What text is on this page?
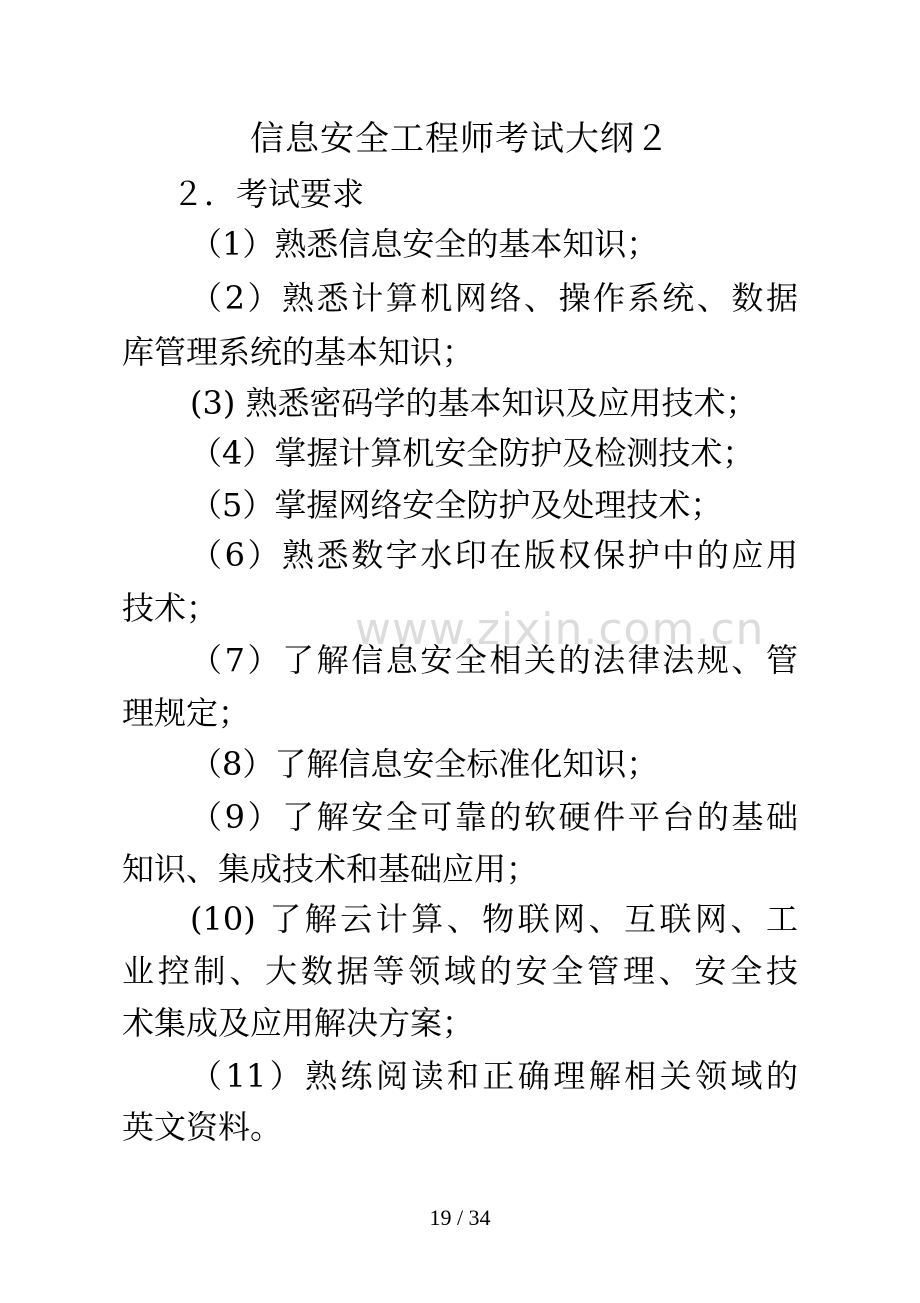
信息安全工程师考试大纲２
２．考试要求
（1）熟悉信息安全的基本知识；
（2）熟悉计算机网络、操作系统、数据
库管理系统的基本知识；
(3) 熟悉密码学的基本知识及应用技术；
（4）掌握计算机安全防护及检测技术；
（5）掌握网络安全防护及处理技术；
（6）熟悉数字水印在版权保护中的应用
技术；
（7）了解信息安全相关的法律法规、管
理规定；
（8）了解信息安全标准化知识；
（9）了解安全可靠的软硬件平台的基础
知识、集成技术和基础应用；
(10) 了解云计算、物联网、互联网、工
业控制、大数据等领域的安全管理、安全技
术集成及应用解决方案；
（11）熟练阅读和正确理解相关领域的
英文资料。
www.zixin.com.cn
19 / 34
